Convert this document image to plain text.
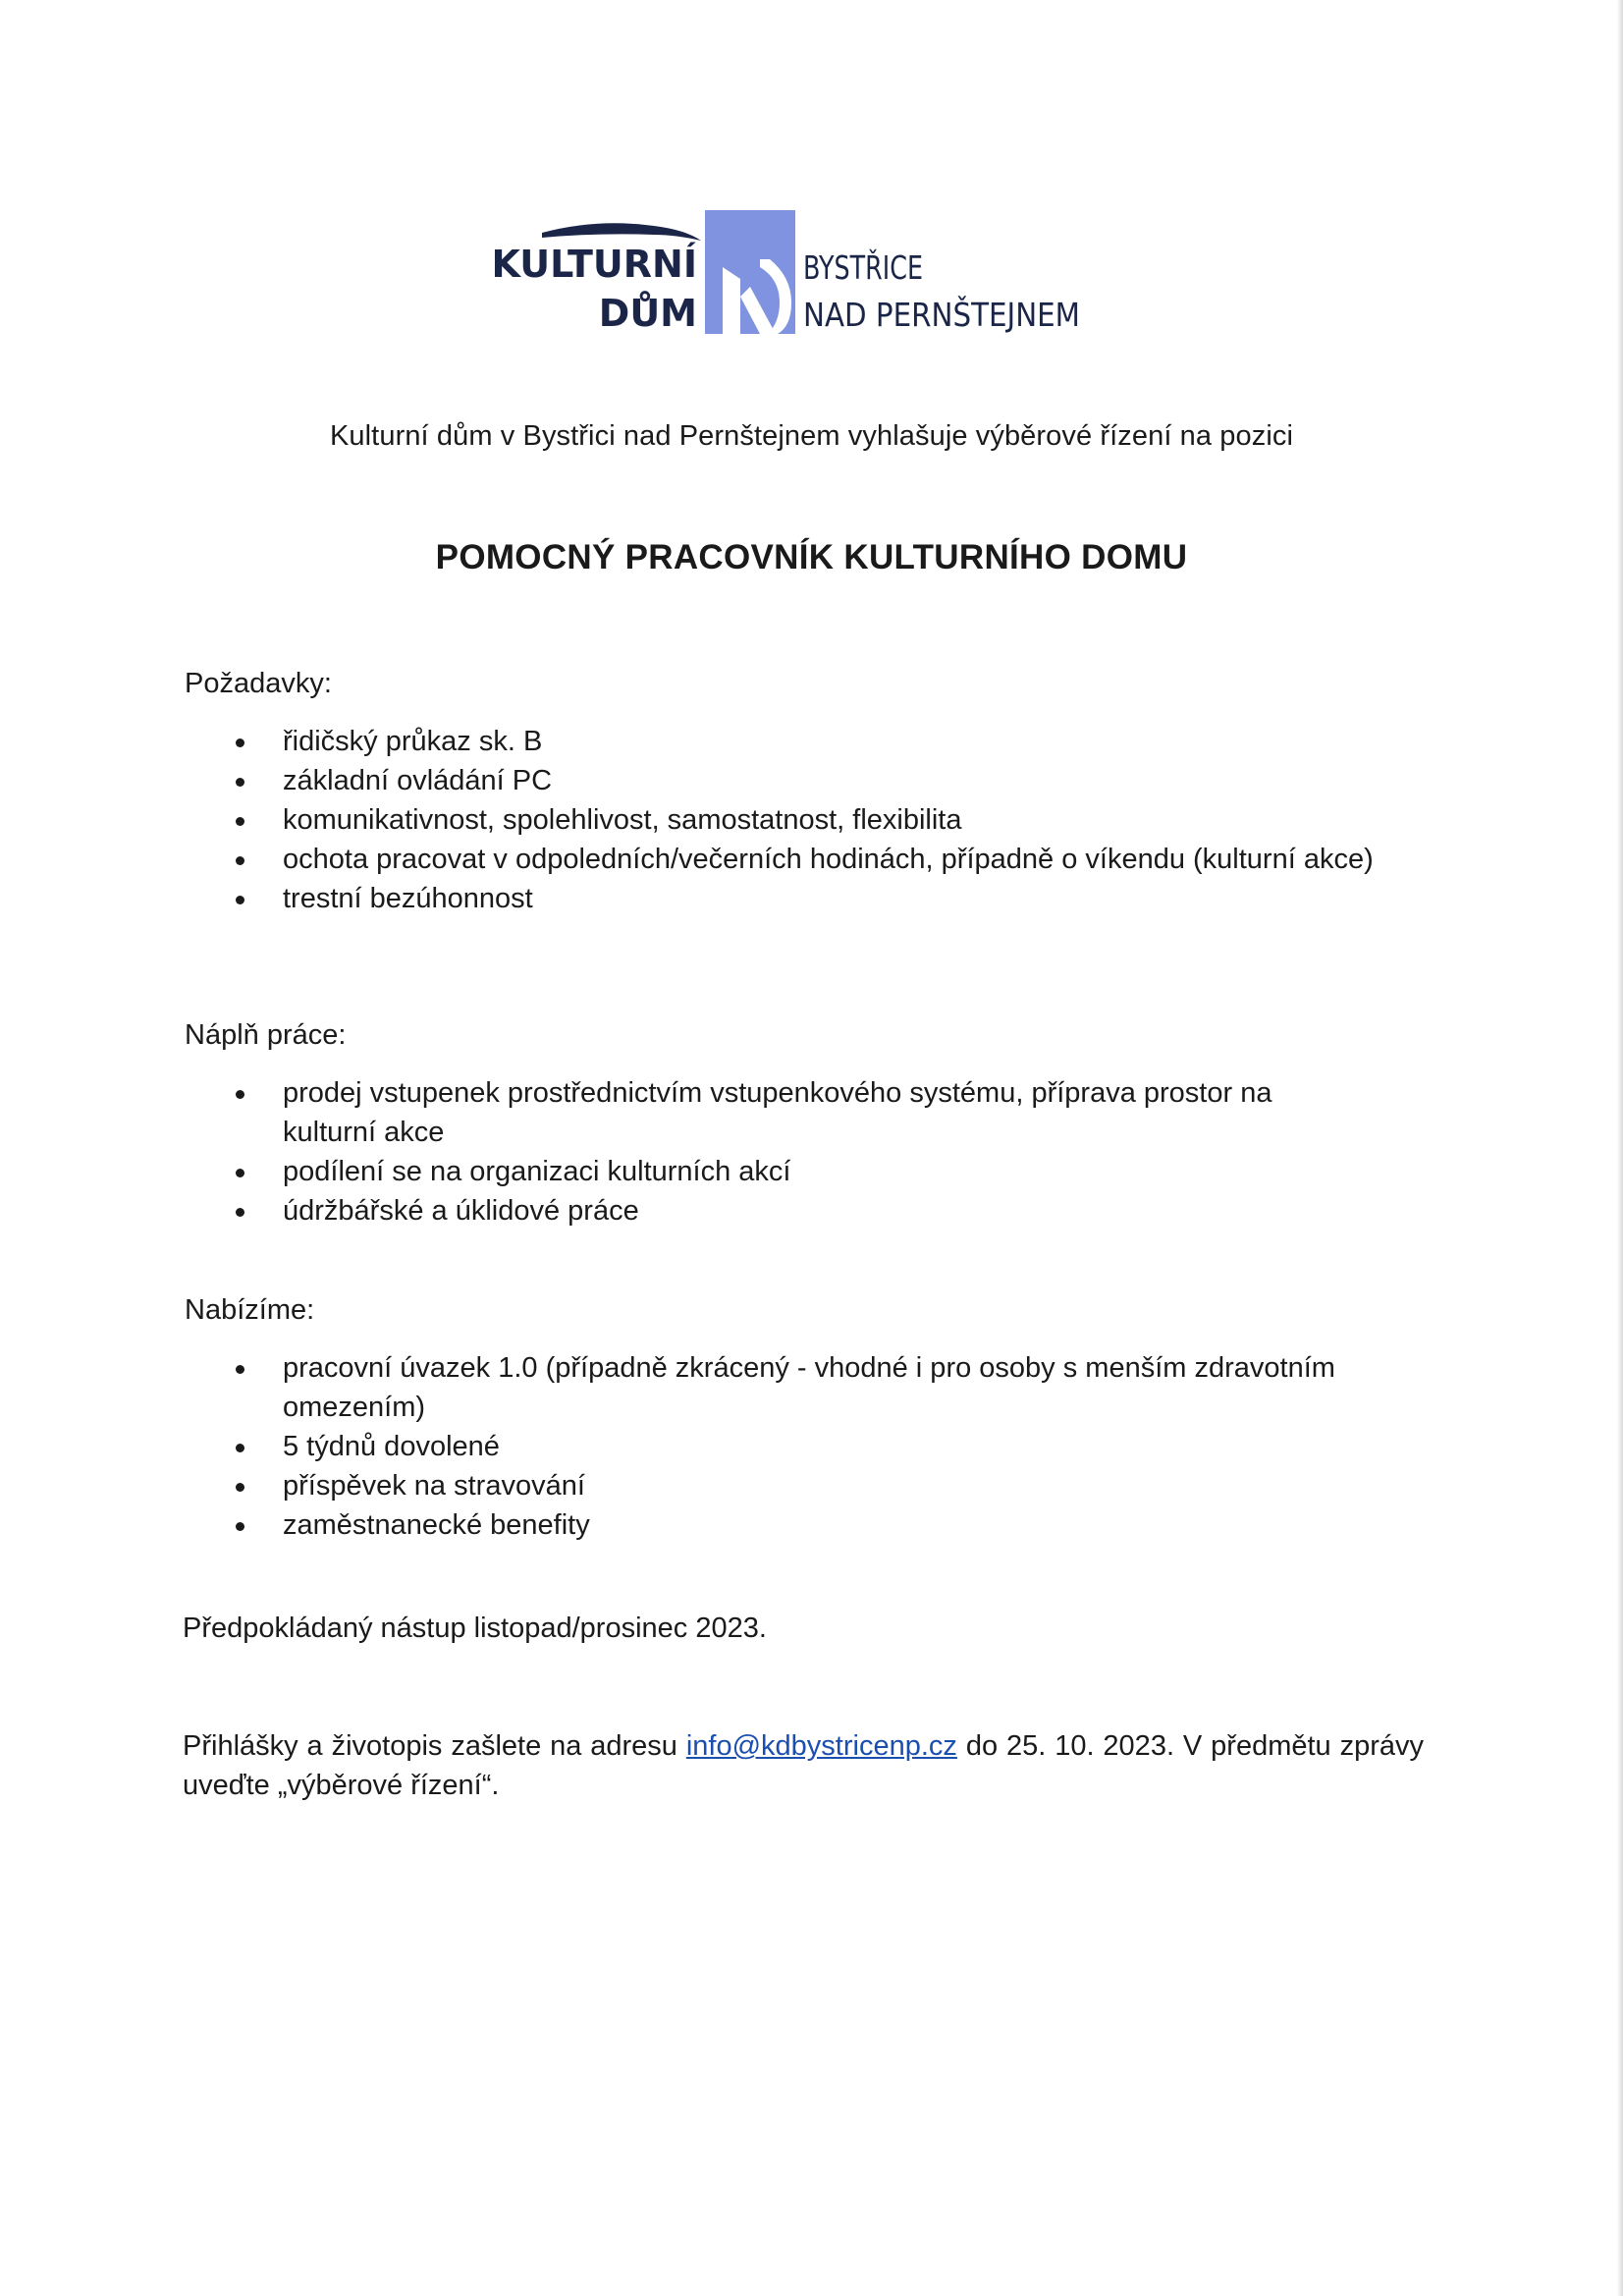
KULTURNÍ
DŮM
BYSTŘICE
NAD PERNŠTEJNEM
Kulturní dům v Bystřici nad Pernštejnem vyhlašuje výběrové řízení na pozici
POMOCNÝ PRACOVNÍK KULTURNÍHO DOMU

Požadavky:

řidičský průkaz sk. B
základní ovládání PC
komunikativnost, spolehlivost, samostatnost, flexibilita
ochota pracovat v odpoledních/večerních hodinách, případně o víkendu (kulturní akce)
trestní bezúhonnost

Náplň práce:

prodej vstupenek prostřednictvím vstupenkového systému, příprava prostor na kulturní akce
podílení se na organizaci kulturních akcí
údržbářské a úklidové práce

Nabízíme:

pracovní úvazek 1.0 (případně zkrácený - vhodné i pro osoby s menším zdravotním omezením)
5 týdnů dovolené
příspěvek na stravování
zaměstnanecké benefity
Předpokládaný nástup listopad/prosinec 2023.
Přihlášky a životopis zašlete na adresu info@kdbystricenp.cz do 25. 10. 2023. V předmětu zprávy uveďte „výběrové řízení“.
